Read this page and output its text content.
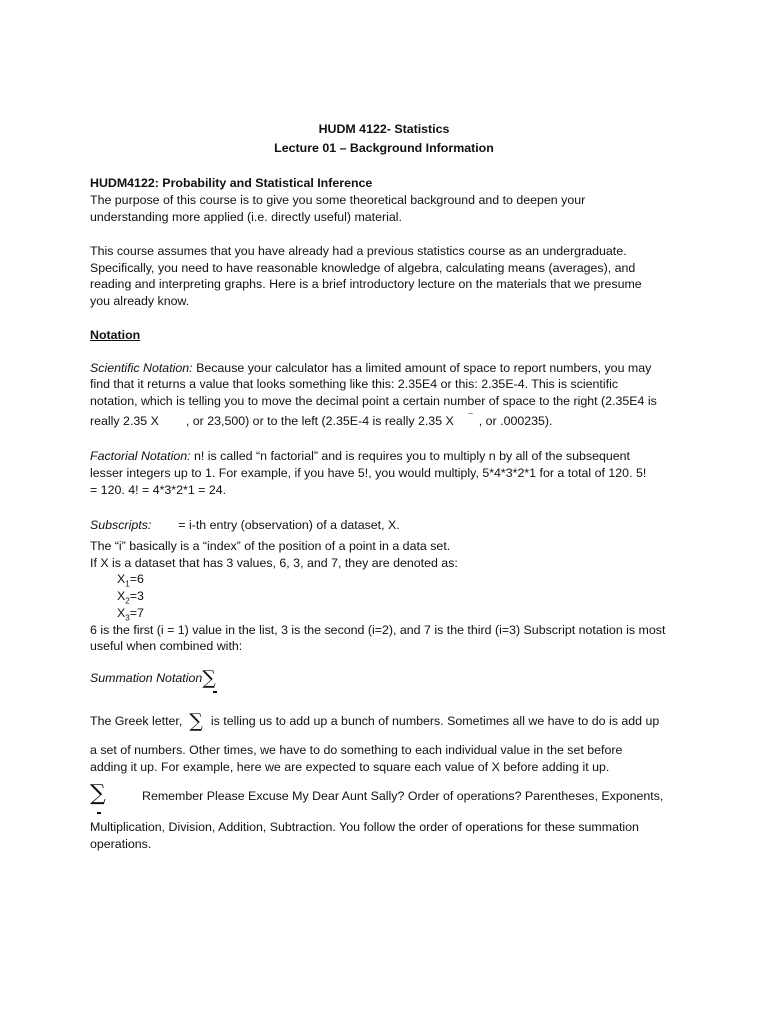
HUDM 4122- Statistics
Lecture 01 – Background Information
HUDM4122: Probability and Statistical Inference
The purpose of this course is to give you some theoretical background and to deepen your
understanding more applied (i.e. directly useful) material.
This course assumes that you have already had a previous statistics course as an undergraduate.
Specifically, you need to have reasonable knowledge of algebra, calculating means (averages), and
reading and interpreting graphs. Here is a brief introductory lecture on the materials that we presume
you already know.
Notation
Scientific Notation: Because your calculator has a limited amount of space to report numbers, you may
find that it returns a value that looks something like this: 2.35E4 or this: 2.35E-4. This is scientific
notation, which is telling you to move the decimal point a certain number of space to the right (2.35E4 is
really 2.35 X , or 23,500) or to the left (2.35E-4 is really 2.35 X ¯ , or .000235).
Factorial Notation: n! is called “n factorial” and is requires you to multiply n by all of the subsequent
lesser integers up to 1. For example, if you have 5!, you would multiply, 5*4*3*2*1 for a total of 120. 5!
= 120. 4! = 4*3*2*1 = 24.
Subscripts: = i-th entry (observation) of a dataset, X.
The “i” basically is a “index” of the position of a point in a data set.
If X is a dataset that has 3 values, 6, 3, and 7, they are denoted as:
$X_1=6$
$X_2=3$
$X_3=7$
6 is the first (i = 1) value in the list, 3 is the second (i=2), and 7 is the third (i=3) Subscript notation is most
useful when combined with:
Summation Notation∑
The Greek letter, ∑ is telling us to add up a bunch of numbers. Sometimes all we have to do is add up
a set of numbers. Other times, we have to do something to each individual value in the set before
adding it up. For example, here we are expected to square each value of X before adding it up.
∑	Remember Please Excuse My Dear Aunt Sally? Order of operations? Parentheses, Exponents,
Multiplication, Division, Addition, Subtraction. You follow the order of operations for these summation
operations.
